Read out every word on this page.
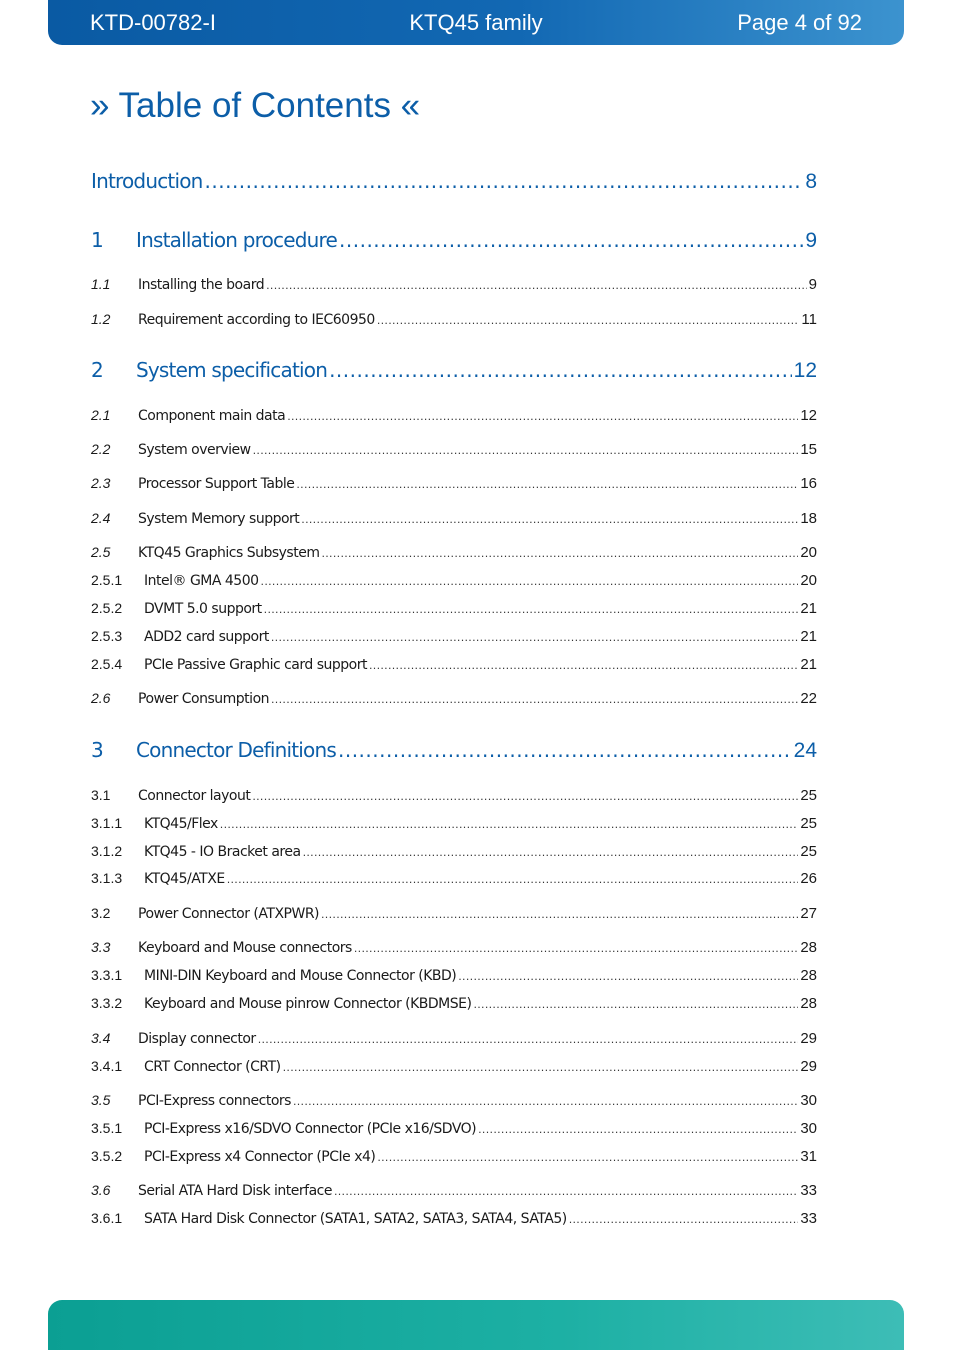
KTD-00782-I	KTQ45 family	Page 4 of 92
» Table of Contents «
Introduction .....	8
1	Installation procedure .....	9
1.1	Installing the board .....	9
1.2	Requirement according to IEC60950 .....	11
2	System specification .....	12
2.1	Component main data .....	12
2.2	System overview .....	15
2.3	Processor Support Table .....	16
2.4	System Memory support .....	18
2.5	KTQ45 Graphics Subsystem .....	20
2.5.1	Intel® GMA 4500 .....	20
2.5.2	DVMT 5.0 support .....	21
2.5.3	ADD2 card support .....	21
2.5.4	PCIe Passive Graphic card support .....	21
2.6	Power Consumption .....	22
3	Connector Definitions .....	24
3.1	Connector layout .....	25
3.1.1	KTQ45/Flex .....	25
3.1.2	KTQ45 - IO Bracket area .....	25
3.1.3	KTQ45/ATXE .....	26
3.2	Power Connector (ATXPWR) .....	27
3.3	Keyboard and Mouse connectors .....	28
3.3.1	MINI-DIN Keyboard and Mouse Connector (KBD) .....	28
3.3.2	Keyboard and Mouse pinrow Connector (KBDMSE) .....	28
3.4	Display connector .....	29
3.4.1	CRT Connector (CRT) .....	29
3.5	PCI-Express connectors .....	30
3.5.1	PCI-Express x16/SDVO Connector (PCIe x16/SDVO) .....	30
3.5.2	PCI-Express x4 Connector (PCIe x4) .....	31
3.6	Serial ATA Hard Disk interface .....	33
3.6.1	SATA Hard Disk Connector (SATA1, SATA2, SATA3, SATA4, SATA5) .....	33
